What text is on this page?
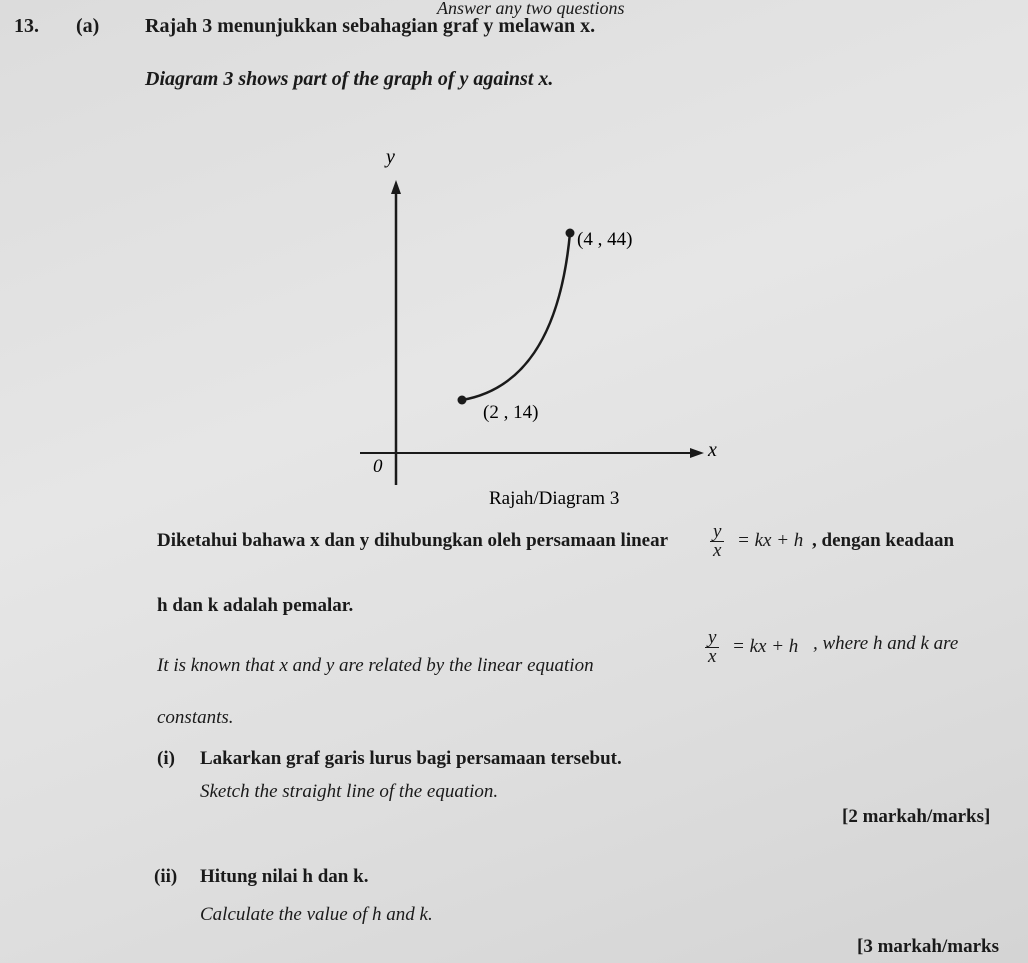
Answer any two questions
13. (a) Rajah 3 menunjukkan sebahagian graf y melawan x.
Diagram 3 shows part of the graph of y against x.
y
x
0
(4 , 44)
(2 , 14)
Rajah/Diagram 3
Diketahui bahawa x dan y dihubungkan oleh persamaan linear $\frac{y}{x}$ = kx + h , dengan keadaan
h dan k adalah pemalar.
It is known that x and y are related by the linear equation	$\frac{y}{x}$ = kx + h , where h and k are
constants.
(i) Lakarkan graf garis lurus bagi persamaan tersebut.
Sketch the straight line of the equation.
[2 markah/marks]
(ii) Hitung nilai h dan k.
Calculate the value of h and k.
[3 markah/marks
